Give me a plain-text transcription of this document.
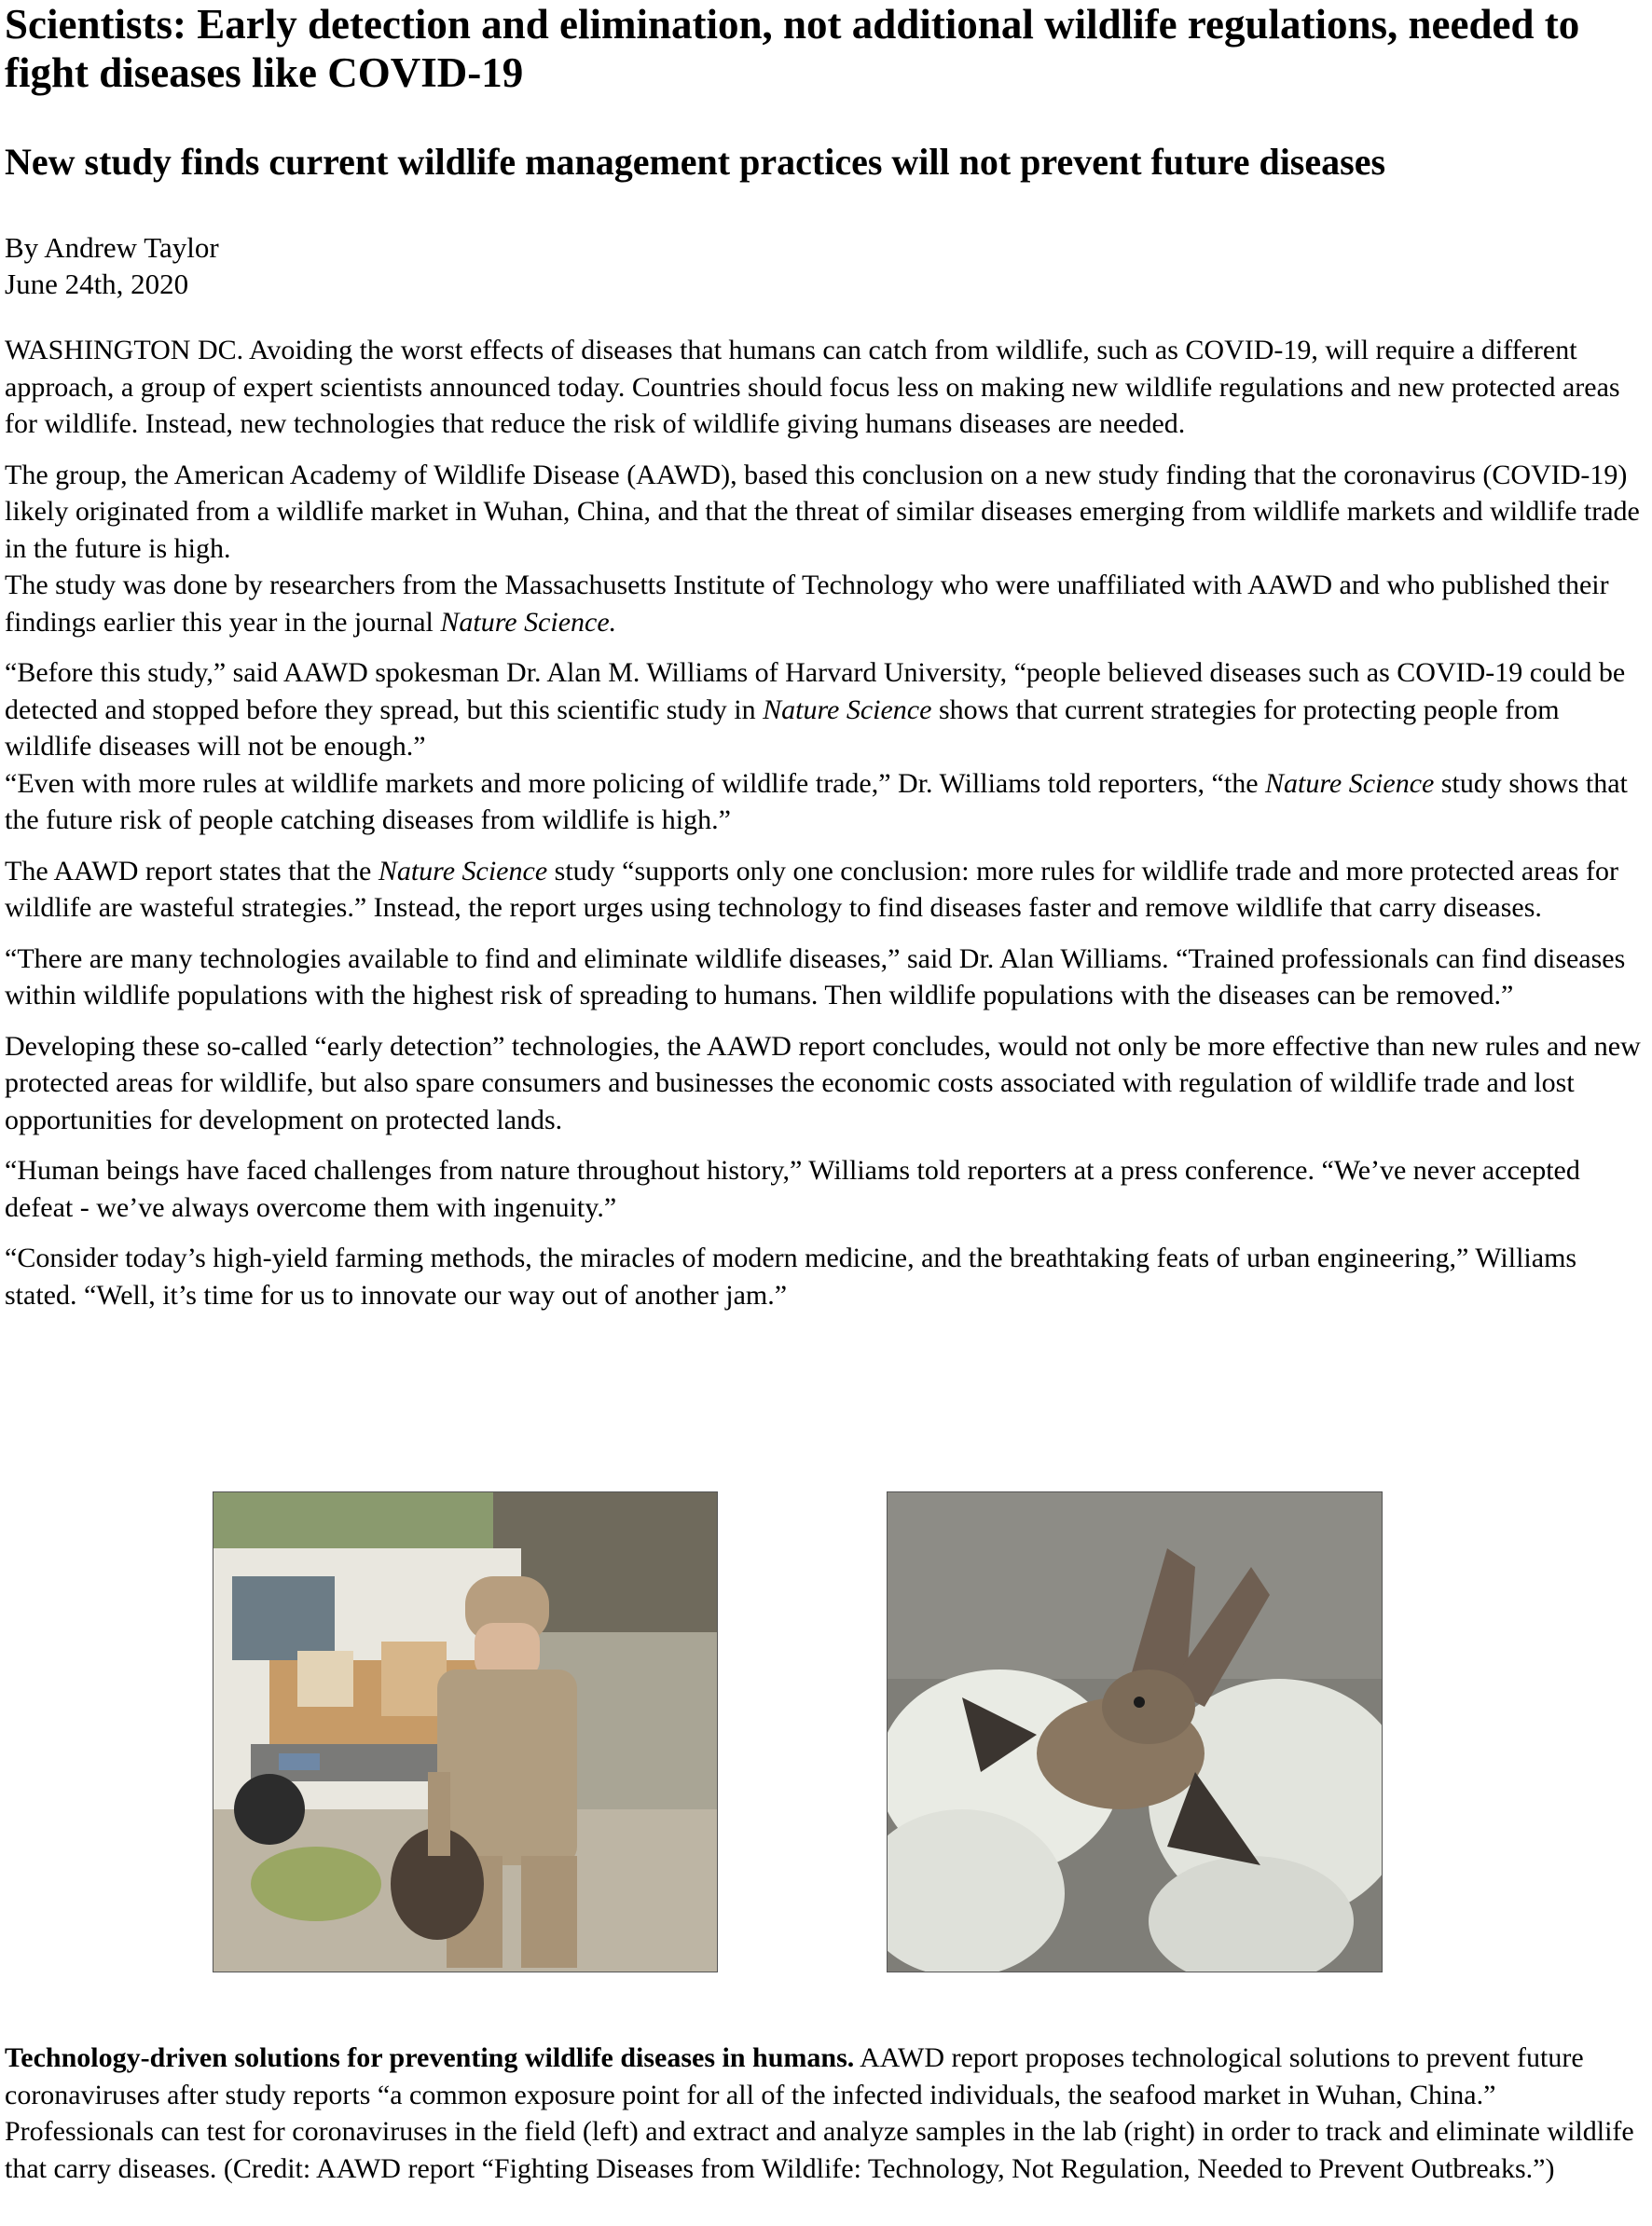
Scientists: Early detection and elimination, not additional wildlife regulations, needed to fight diseases like COVID-19
New study finds current wildlife management practices will not prevent future diseases
By Andrew Taylor
June 24th, 2020

WASHINGTON DC. Avoiding the worst effects of diseases that humans can catch from wildlife, such as COVID-19, will require a different approach, a group of expert scientists announced today. Countries should focus less on making new wildlife regulations and new protected areas for wildlife. Instead, new technologies that reduce the risk of wildlife giving humans diseases are needed.

The group, the American Academy of Wildlife Disease (AAWD), based this conclusion on a new study finding that the coronavirus (COVID-19) likely originated from a wildlife market in Wuhan, China, and that the threat of similar diseases emerging from wildlife markets and wildlife trade in the future is high.

The study was done by researchers from the Massachusetts Institute of Technology who were unaffiliated with AAWD and who published their findings earlier this year in the journal Nature Science.

“Before this study,” said AAWD spokesman Dr. Alan M. Williams of Harvard University, “people believed diseases such as COVID-19 could be detected and stopped before they spread, but this scientific study in Nature Science shows that current strategies for protecting people from wildlife diseases will not be enough.”

“Even with more rules at wildlife markets and more policing of wildlife trade,” Dr. Williams told reporters, “the Nature Science study shows that the future risk of people catching diseases from wildlife is high.”

The AAWD report states that the Nature Science study “supports only one conclusion: more rules for wildlife trade and more protected areas for wildlife are wasteful strategies.” Instead, the report urges using technology to find diseases faster and remove wildlife that carry diseases.

“There are many technologies available to find and eliminate wildlife diseases,” said Dr. Alan Williams. “Trained professionals can find diseases within wildlife populations with the highest risk of spreading to humans. Then wildlife populations with the diseases can be removed.”

Developing these so-called “early detection” technologies, the AAWD report concludes, would not only be more effective than new rules and new protected areas for wildlife, but also spare consumers and businesses the economic costs associated with regulation of wildlife trade and lost opportunities for development on protected lands.

“Human beings have faced challenges from nature throughout history,” Williams told reporters at a press conference. “We’ve never accepted defeat - we’ve always overcome them with ingenuity.”

“Consider today’s high-yield farming methods, the miracles of modern medicine, and the breathtaking feats of urban engineering,” Williams stated. “Well, it’s time for us to innovate our way out of another jam.”

Technology-driven solutions for preventing wildlife diseases in humans. AAWD report proposes technological solutions to prevent future coronaviruses after study reports “a common exposure point for all of the infected individuals, the seafood market in Wuhan, China.” Professionals can test for coronaviruses in the field (left) and extract and analyze samples in the lab (right) in order to track and eliminate wildlife that carry diseases. (Credit: AAWD report “Fighting Diseases from Wildlife: Technology, Not Regulation, Needed to Prevent Outbreaks.”)
